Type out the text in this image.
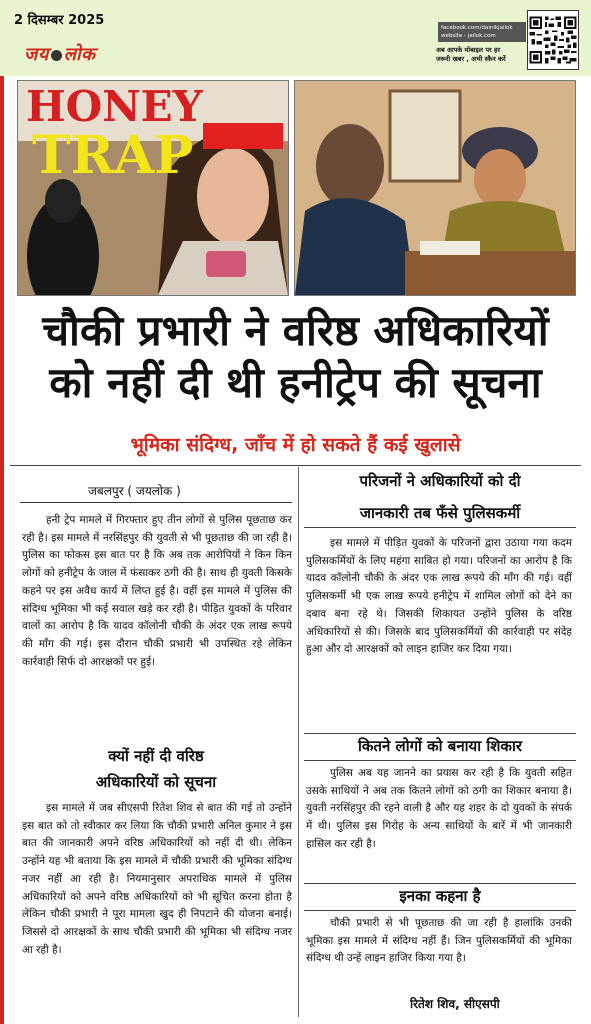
2 दिसम्बर 2025
जय लोक
facebook.com/dainikjailok
website - jailok.com
अब आपके मोबाइल पर हर
जरूरी खबर , अभी स्कैन करें
HONEY
TRAP
चौकी प्रभारी ने वरिष्ठ अधिकारियों
को नहीं दी थी हनीट्रेप की सूचना
भूमिका संदिग्ध, जाँच में हो सकते हैं कई खुलासे
जबलपुर ( जयलोक )
हनी ट्रेप मामले में गिरफ्तार हुए तीन लोगों से पुलिस पूछताछ कर रही है। इस मामले में नरसिंहपुर की युवती से भी पूछताछ की जा रही है। पुलिस का फोकस इस बात पर है कि अब तक आरोपियों ने किन किन लोगों को हनीट्रेप के जाल में फंसाकर ठगी की है। साथ ही युवती किसके कहने पर इस अवैध कार्य में लिप्त हुई है। वहीं इस मामले में पुलिस की संदिग्ध भूमिका भी कई सवाल खड़े कर रही है। पीड़ित युवकों के परिवार वालों का आरोप है कि यादव कॉलोनी चौकी के अंदर एक लाख रूपये की माँग की गई। इस दौरान चौकी प्रभारी भी उपस्थित रहे लेकिन कार्रवाही सिर्फ दो आरक्षकों पर हुई।
क्यों नहीं दी वरिष्ठ
अधिकारियों को सूचना
इस मामले में जब सीएसपी रितेश शिव से बात की गई तो उन्होंने इस बात को तो स्वीकार कर लिया कि चौकी प्रभारी अनिल कुमार ने इस बात की जानकारी अपने वरिष्ठ अधिकारियों को नहीं दी थी। लेकिन उन्होंने यह भी बताया कि इस मामले में चौकी प्रभारी की भूमिका संदिग्ध नजर नहीं आ रही है। नियमानुसार अपराधिक मामले में पुलिस अधिकारियों को अपने वरिष्ठ अधिकारियों को भी सूचित करना होता है लेकिन चौकी प्रभारी ने पूरा मामला खुद ही निपटाने की योजना बनाई। जिससे दो आरक्षकों के साथ चौकी प्रभारी की भूमिका भी संदिग्ध नजर आ रही है।
परिजनों ने अधिकारियों को दी
जानकारी तब फँसे पुलिसकर्मी
इस मामले में पीड़ित युवकों के परिजनों द्वारा उठाया गया कदम पुलिसकर्मियों के लिए महंगा साबित हो गया। परिजनों का आरोप है कि यादव कॉलोनी चौकी के अंदर एक लाख रूपये की माँग की गई। वहीं पुलिसकर्मी भी एक लाख रूपये हनीट्रेप में शामिल लोगों को देने का दबाव बना रहे थे। जिसकी शिकायत उन्होंने पुलिस के वरिष्ठ अधिकारियों से की। जिसके बाद पुलिसकर्मियों की कार्रवाही पर संदेह हुआ और दो आरक्षकों को लाइन हाजिर कर दिया गया।
कितने लोगों को बनाया शिकार
पुलिस अब यह जानने का प्रयास कर रही है कि युवती सहित उसके साथियों ने अब तक कितने लोगों को ठगी का शिकार बनाया है। युवती नरसिंहपुर की रहने वाली है और यह शहर के दो युवकों के संपर्क में थी। पुलिस इस गिरोह के अन्य साथियों के बारें में भी जानकारी हासिल कर रही है।
इनका कहना है
चौकी प्रभारी से भी पूछताछ की जा रही है हालांकि उनकी भूमिका इस मामले में संदिग्ध नहीं हैं। जिन पुलिसकर्मियों की भूमिका संदिग्ध थी उन्हें लाइन हाजिर किया गया है।
रितेश शिव, सीएसपी
